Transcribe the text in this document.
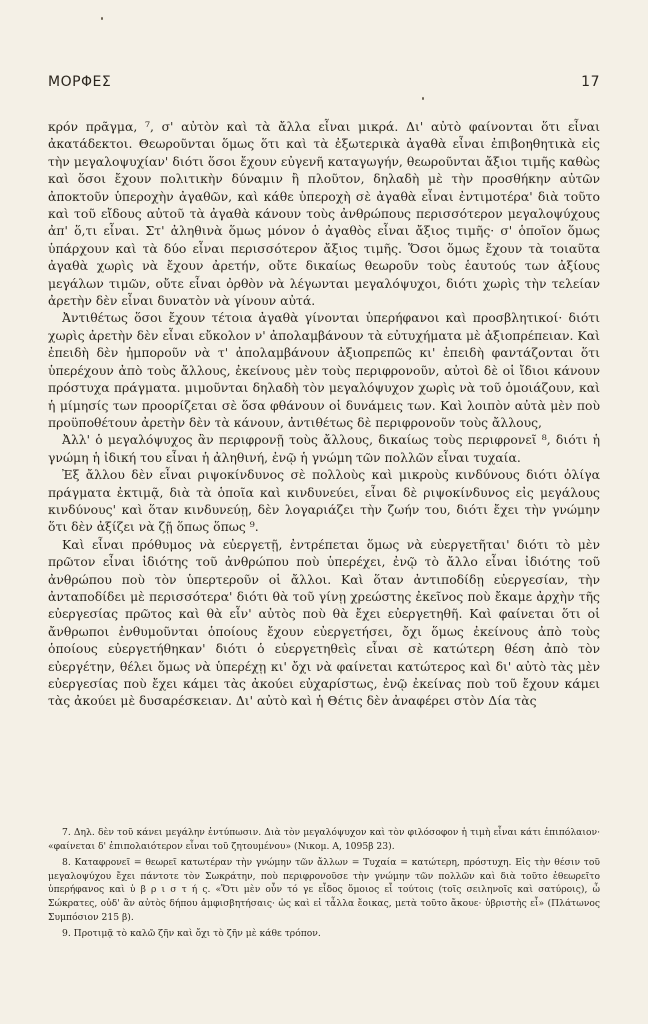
ΜΟΡΦΕΣ	17

κρόν πρᾶγμα, ⁷, σ' αὐτὸν καὶ τὰ ἄλλα εἶναι μικρά. Δι' αὐτὸ φαίνονται ὅτι εἶναι ἀκατάδεκτοι. Θεωροῦνται ὅμως ὅτι καὶ τὰ ἐξωτερικὰ ἀγαθὰ εἶναι ἐπιβοηθητικὰ εἰς τὴν μεγαλοψυχίαν' διότι ὅσοι ἔχουν εὐγενῆ καταγωγήν, θεωροῦνται ἄξιοι τιμῆς καθὼς καὶ ὅσοι ἔχουν πολιτικὴν δύναμιν ἢ πλοῦτον, δηλαδὴ μὲ τὴν προσθήκην αὐτῶν ἀποκτοῦν ὑπεροχὴν ἀγαθῶν, καὶ κάθε ὑπεροχὴ σὲ ἀγαθὰ εἶναι ἐντιμοτέρα' διὰ τοῦτο καὶ τοῦ εἴδους αὐτοῦ τὰ ἀγαθὰ κάνουν τοὺς ἀνθρώπους περισσότερον μεγαλοψύχους ἀπ' ὅ,τι εἶναι. Στ' ἀληθινὰ ὅμως μόνον ὁ ἀγαθὸς εἶναι ἄξιος τιμῆς· σ' ὁποῖον ὅμως ὑπάρχουν καὶ τὰ δύο εἶναι περισσότερον ἄξιος τιμῆς. Ὅσοι ὅμως ἔχουν τὰ τοιαῦτα ἀγαθὰ χωρὶς νὰ ἔχουν ἀρετήν, οὔτε δικαίως θεωροῦν τοὺς ἑαυτούς των ἀξίους μεγάλων τιμῶν, οὔτε εἶναι ὀρθὸν νὰ λέγωνται μεγαλόψυχοι, διότι χωρὶς τὴν τελείαν ἀρετὴν δὲν εἶναι δυνατὸν νὰ γίνουν αὐτά.

Ἀντιθέτως ὅσοι ἔχουν τέτοια ἀγαθὰ γίνονται ὑπερήφανοι καὶ προσβλητικοί· διότι χωρὶς ἀρετὴν δὲν εἶναι εὔκολον ν' ἀπολαμβάνουν τὰ εὐτυχήματα μὲ ἀξιοπρέπειαν. Καὶ ἐπειδὴ δὲν ἠμποροῦν νὰ τ' ἀπολαμβάνουν ἀξιοπρεπῶς κι' ἐπειδὴ φαντάζονται ὅτι ὑπερέχουν ἀπὸ τοὺς ἄλλους, ἐκείνους μὲν τοὺς περιφρονοῦν, αὐτοὶ δὲ οἱ ἴδιοι κάνουν πρόστυχα πράγματα. μιμοῦνται δηλαδὴ τὸν μεγαλόψυχον χωρὶς νὰ τοῦ ὁμοιάζουν, καὶ ἡ μίμησίς των προορίζεται σὲ ὅσα φθάνουν οἱ δυνάμεις των. Καὶ λοιπὸν αὐτὰ μὲν ποὺ προϋποθέτουν ἀρετὴν δὲν τὰ κάνουν, ἀντιθέτως δὲ περιφρονοῦν τοὺς ἄλλους,

Ἀλλ' ὁ μεγαλόψυχος ἂν περιφρονῇ τοὺς ἄλλους, δικαίως τοὺς περιφρονεῖ ⁸, διότι ἡ γνώμη ἡ ἰδική του εἶναι ἡ ἀληθινή, ἐνῷ ἡ γνώμη τῶν πολλῶν εἶναι τυχαία.

Ἐξ ἄλλου δὲν εἶναι ριψοκίνδυνος σὲ πολλοὺς καὶ μικροὺς κινδύνους διότι ὀλίγα πράγματα ἐκτιμᾷ, διὰ τὰ ὁποῖα καὶ κινδυνεύει, εἶναι δὲ ριψοκίνδυνος εἰς μεγάλους κινδύνους' καὶ ὅταν κινδυνεύῃ, δὲν λογαριάζει τὴν ζωήν του, διότι ἔχει τὴν γνώμην ὅτι δὲν ἀξίζει νὰ ζῇ ὅπως ὅπως ⁹.

Καὶ εἶναι πρόθυμος νὰ εὐεργετῇ, ἐντρέπεται ὅμως νὰ εὐεργετῆται' διότι τὸ μὲν πρῶτον εἶναι ἰδιότης τοῦ ἀνθρώπου ποὺ ὑπερέχει, ἐνῷ τὸ ἄλλο εἶναι ἰδιότης τοῦ ἀνθρώπου ποὺ τὸν ὑπερτεροῦν οἱ ἄλλοι. Καὶ ὅταν ἀντιποδίδῃ εὐεργεσίαν, τὴν ἀνταποδίδει μὲ περισσότερα' διότι θὰ τοῦ γίνῃ χρεώστης ἐκεῖνος ποὺ ἔκαμε ἀρχὴν τῆς εὐεργεσίας πρῶτος καὶ θὰ εἶν' αὐτὸς ποὺ θὰ ἔχει εὐεργετηθῆ. Καὶ φαίνεται ὅτι οἱ ἄνθρωποι ἐνθυμοῦνται ὁποίους ἔχουν εὐεργετήσει, ὄχι ὅμως ἐκείνους ἀπὸ τοὺς ὁποίους εὐεργετήθηκαν' διότι ὁ εὐεργετηθεὶς εἶναι σὲ κατώτερη θέση ἀπὸ τὸν εὐεργέτην, θέλει ὅμως νὰ ὑπερέχῃ κι' ὄχι νὰ φαίνεται κατώτερος καὶ δι' αὐτὸ τὰς μὲν εὐεργεσίας ποὺ ἔχει κάμει τὰς ἀκούει εὐχαρίστως, ἐνῷ ἐκείνας ποὺ τοῦ ἔχουν κάμει τὰς ἀκούει μὲ δυσαρέσκειαν. Δι' αὐτὸ καὶ ἡ Θέτις δὲν ἀναφέρει στὸν Δία τὰς

7. Δηλ. δὲν τοῦ κάνει μεγάλην ἐντύπωσιν. Διὰ τὸν μεγαλόψυχον καὶ τὸν φιλόσοφον ἡ τιμὴ εἶναι κάτι ἐπιπόλαιον· «φαίνεται δ' ἐπιπολαιότερον εἶναι τοῦ ζητουμένου» (Νικομ. Α, 1095β 23).

8. Καταφρονεῖ = θεωρεῖ κατωτέραν τὴν γνώμην τῶν ἄλλων = Τυχαία = κατώτερη, πρόστυχη. Εἰς τὴν θέσιν τοῦ μεγαλοψύχου ἔχει πάντοτε τὸν Σωκράτην, ποὺ περιφρονοῦσε τὴν γνώμην τῶν πολλῶν καὶ διὰ τοῦτο ἐθεωρεῖτο ὑπερήφανος καὶ ὑ β ρ ι σ τ ή ς. «Ὅτι μὲν οὖν τό γε εἶδος ὅμοιος εἶ τούτοις (τοῖς σειληνοῖς καὶ σατύροις), ὦ Σώκρατες, οὐδ' ἂν αὐτὸς δήπου ἀμφισβητήσαις· ὡς καὶ εἰ τἆλλα ἔοικας, μετὰ τοῦτο ἄκουε· ὑβριστὴς εἶ» (Πλάτωνος Συμπόσιον 215 β).

9. Προτιμᾷ τὸ καλῶ ζῆν καὶ ὄχι τὸ ζῆν μὲ κάθε τρόπον.
